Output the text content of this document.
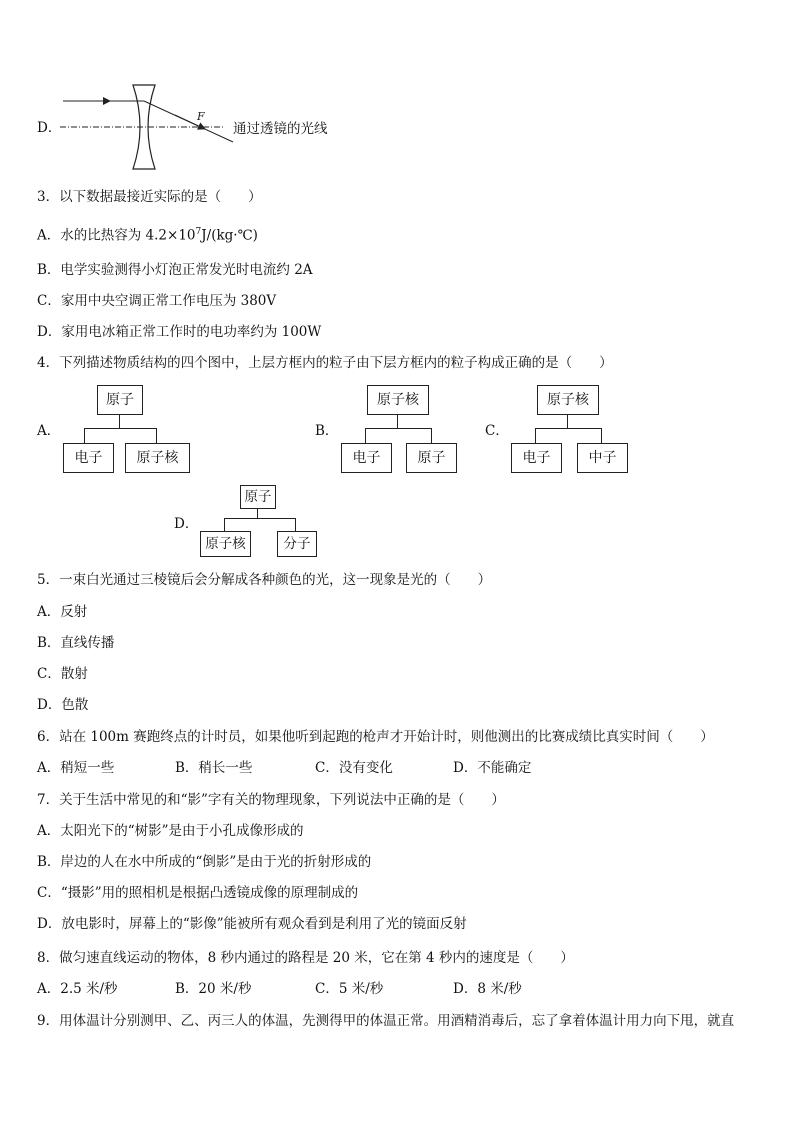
D．
F
通过透镜的光线
3．以下数据最接近实际的是（　　）
A．水的比热容为 $4.2\times 10^7J/(kg\cdot℃)$
B．电学实验测得小灯泡正常发光时电流约 2A
C．家用中央空调正常工作电压为 380V
D．家用电冰箱正常工作时的电功率约为 100W
4．下列描述物质结构的四个图中，上层方框内的粒子由下层方框内的粒子构成正确的是（　　）
A．
原子
电子	原子核
B．
原子核
电子	原子
C．
原子核
电子	中子
D．
原子
原子核	分子
5．一束白光通过三棱镜后会分解成各种颜色的光，这一现象是光的（　　）
A．反射
B．直线传播
C．散射
D．色散
6．站在 100m 赛跑终点的计时员，如果他听到起跑的枪声才开始计时，则他测出的比赛成绩比真实时间（　　）
A．稍短一些	B．稍长一些	C．没有变化	D．不能确定
7．关于生活中常见的和“影”字有关的物理现象，下列说法中正确的是（　　）
A．太阳光下的“树影”是由于小孔成像形成的
B．岸边的人在水中所成的“倒影”是由于光的折射形成的
C．“摄影”用的照相机是根据凸透镜成像的原理制成的
D．放电影时，屏幕上的“影像”能被所有观众看到是利用了光的镜面反射
8．做匀速直线运动的物体，8 秒内通过的路程是 20 米，它在第 4 秒内的速度是（　　）
A．2.5 米/秒	B．20 米/秒	C．5 米/秒	D．8 米/秒
9．用体温计分别测甲、乙、丙三人的体温，先测得甲的体温正常。用酒精消毒后，忘了拿着体温计用力向下甩，就直
